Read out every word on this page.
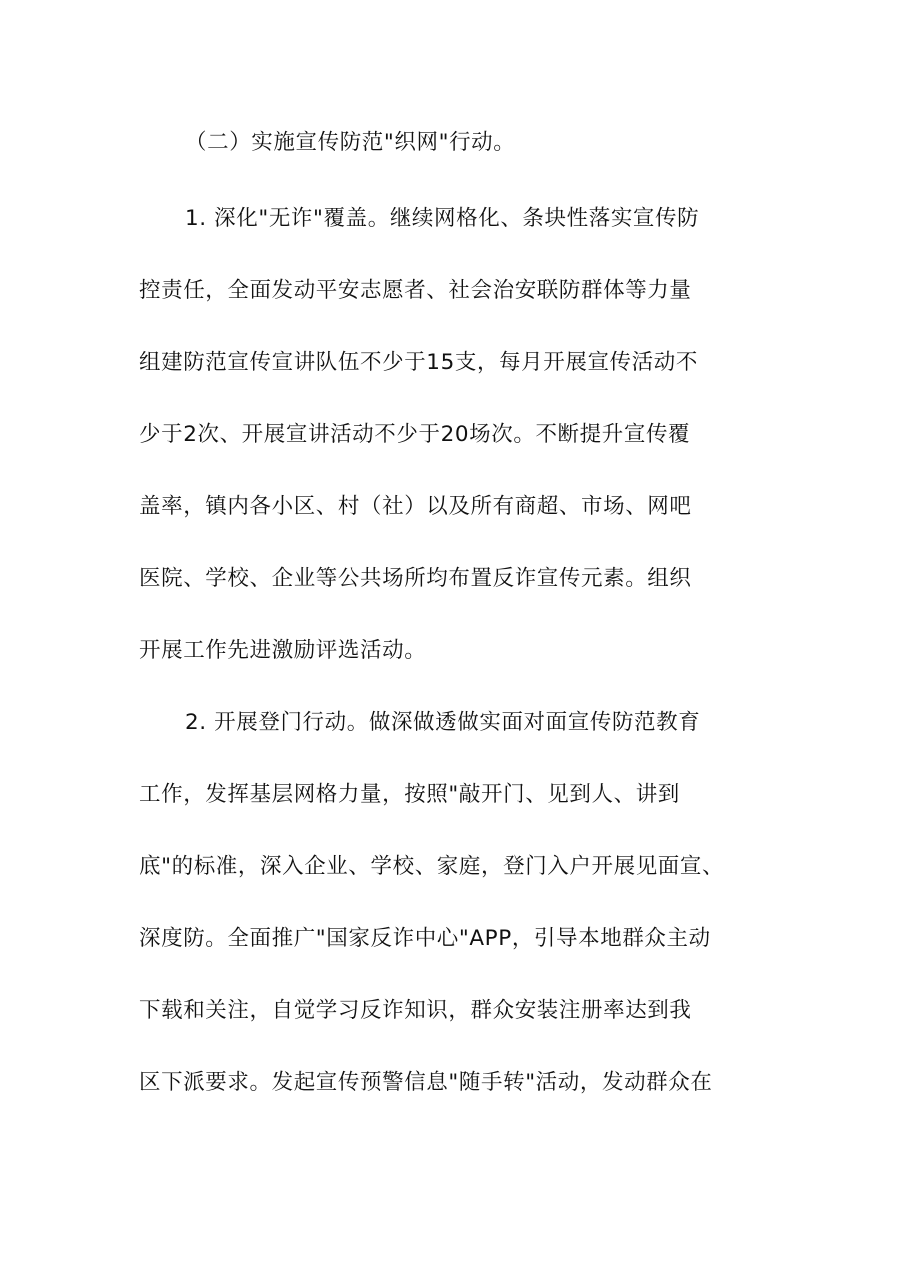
（二）实施宣传防范"织网"行动。
1. 深化"无诈"覆盖。继续网格化、条块性落实宣传防
控责任，全面发动平安志愿者、社会治安联防群体等力量
组建防范宣传宣讲队伍不少于15支，每月开展宣传活动不
少于2次、开展宣讲活动不少于20场次。不断提升宣传覆
盖率，镇内各小区、村（社）以及所有商超、市场、网吧
医院、学校、企业等公共场所均布置反诈宣传元素。组织
开展工作先进激励评选活动。
2. 开展登门行动。做深做透做实面对面宣传防范教育
工作，发挥基层网格力量，按照"敲开门、见到人、讲到
底"的标准，深入企业、学校、家庭，登门入户开展见面宣、
深度防。全面推广"国家反诈中心"APP，引导本地群众主动
下载和关注，自觉学习反诈知识，群众安装注册率达到我
区下派要求。发起宣传预警信息"随手转"活动，发动群众在
